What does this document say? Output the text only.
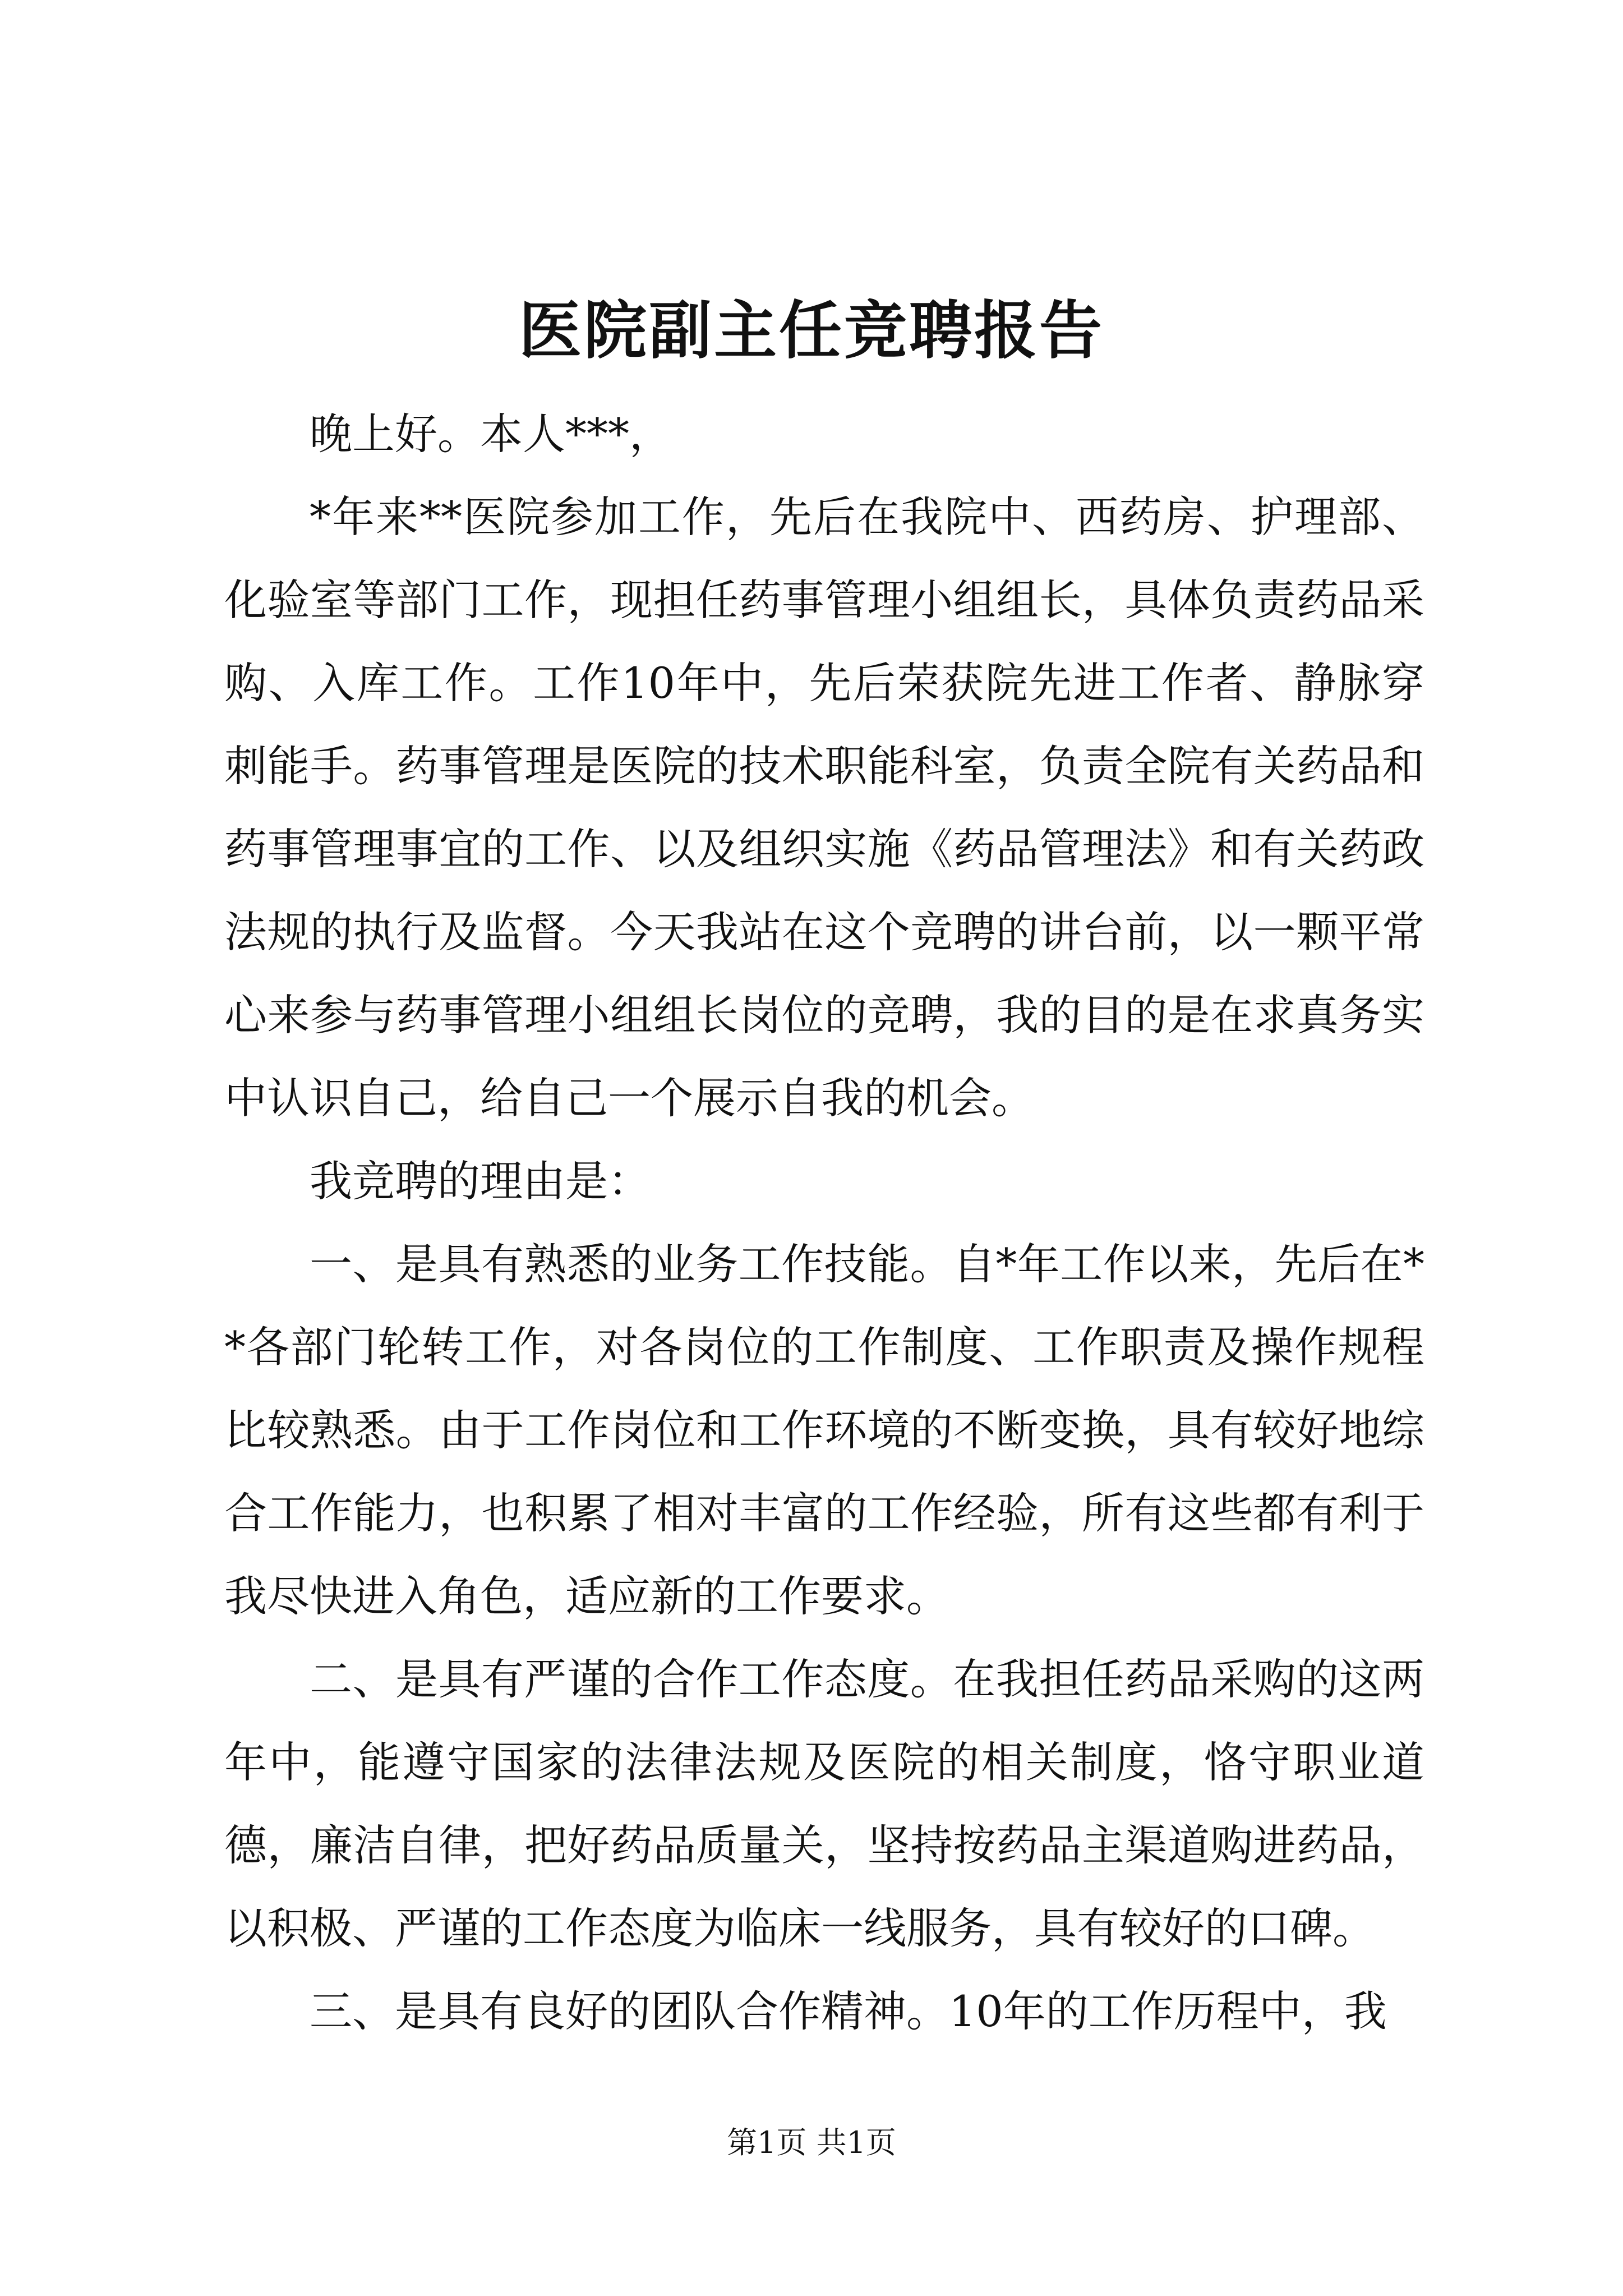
医院副主任竞聘报告

晚上好。本人***，

*年来**医院参加工作，先后在我院中、西药房、护理部、化验室等部门工作，现担任药事管理小组组长，具体负责药品采购、入库工作。工作10年中，先后荣获院先进工作者、静脉穿刺能手。药事管理是医院的技术职能科室，负责全院有关药品和药事管理事宜的工作、以及组织实施《药品管理法》和有关药政法规的执行及监督。今天我站在这个竞聘的讲台前，以一颗平常心来参与药事管理小组组长岗位的竞聘，我的目的是在求真务实中认识自己，给自己一个展示自我的机会。

我竞聘的理由是：

一、是具有熟悉的业务工作技能。自*年工作以来，先后在**各部门轮转工作，对各岗位的工作制度、工作职责及操作规程比较熟悉。由于工作岗位和工作环境的不断变换，具有较好地综合工作能力，也积累了相对丰富的工作经验，所有这些都有利于我尽快进入角色，适应新的工作要求。

二、是具有严谨的合作工作态度。在我担任药品采购的这两年中，能遵守国家的法律法规及医院的相关制度，恪守职业道德，廉洁自律，把好药品质量关，坚持按药品主渠道购进药品，以积极、严谨的工作态度为临床一线服务，具有较好的口碑。

三、是具有良好的团队合作精神。10年的工作历程中，我

第1页 共1页
